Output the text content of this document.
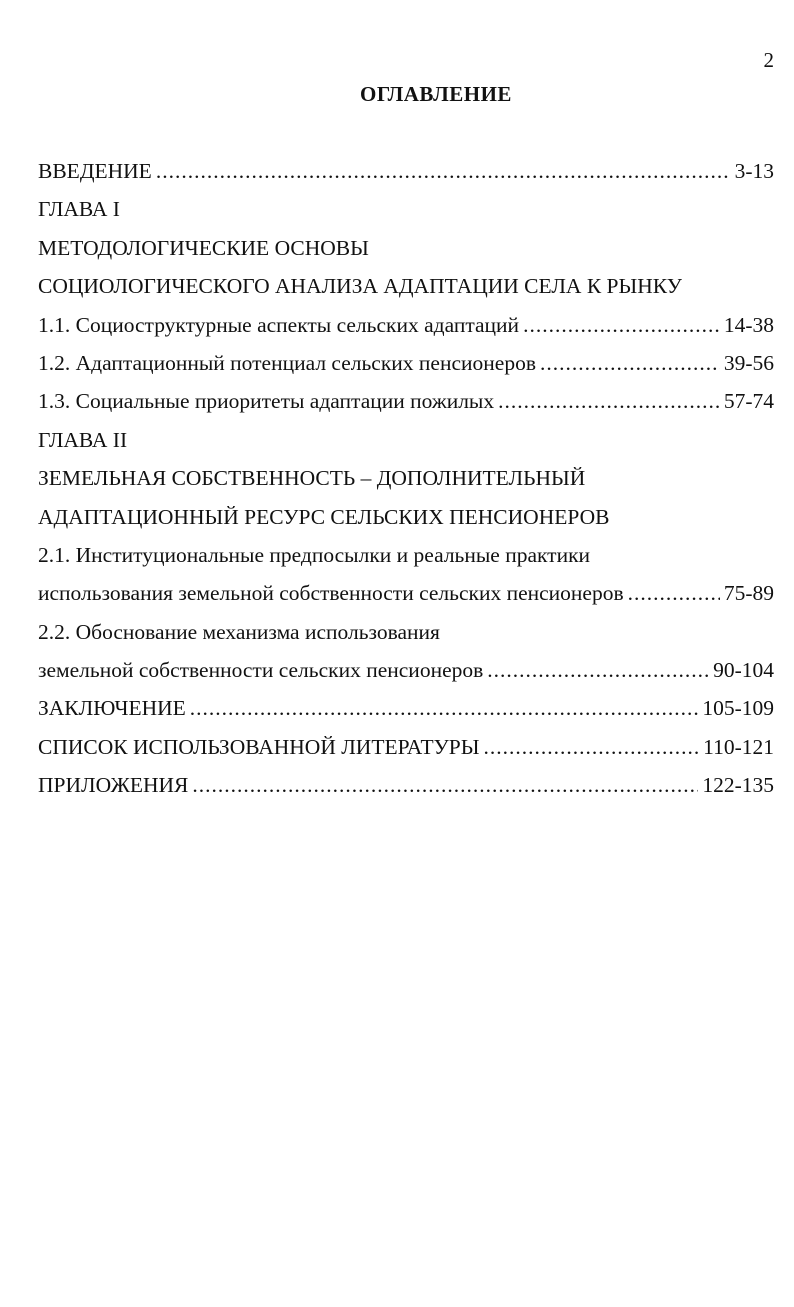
2
ОГЛАВЛЕНИЕ
ВВЕДЕНИЕ .....	3-13
ГЛАВА I
МЕТОДОЛОГИЧЕСКИЕ ОСНОВЫ
СОЦИОЛОГИЧЕСКОГО АНАЛИЗА АДАПТАЦИИ СЕЛА К РЫНКУ
1.1. Социоструктурные аспекты сельских адаптаций .....	14-38
1.2. Адаптационный потенциал сельских пенсионеров .....	39-56
1.3. Социальные приоритеты адаптации пожилых .....	57-74
ГЛАВА II
ЗЕМЕЛЬНАЯ СОБСТВЕННОСТЬ – ДОПОЛНИТЕЛЬНЫЙ
АДАПТАЦИОННЫЙ РЕСУРС СЕЛЬСКИХ ПЕНСИОНЕРОВ
2.1. Институциональные предпосылки и реальные практики
использования земельной собственности сельских пенсионеров .....	75-89
2.2. Обоснование механизма использования
земельной собственности сельских пенсионеров .....	90-104
ЗАКЛЮЧЕНИЕ .....	105-109
СПИСОК ИСПОЛЬЗОВАННОЙ ЛИТЕРАТУРЫ .....	110-121
ПРИЛОЖЕНИЯ .....	122-135
